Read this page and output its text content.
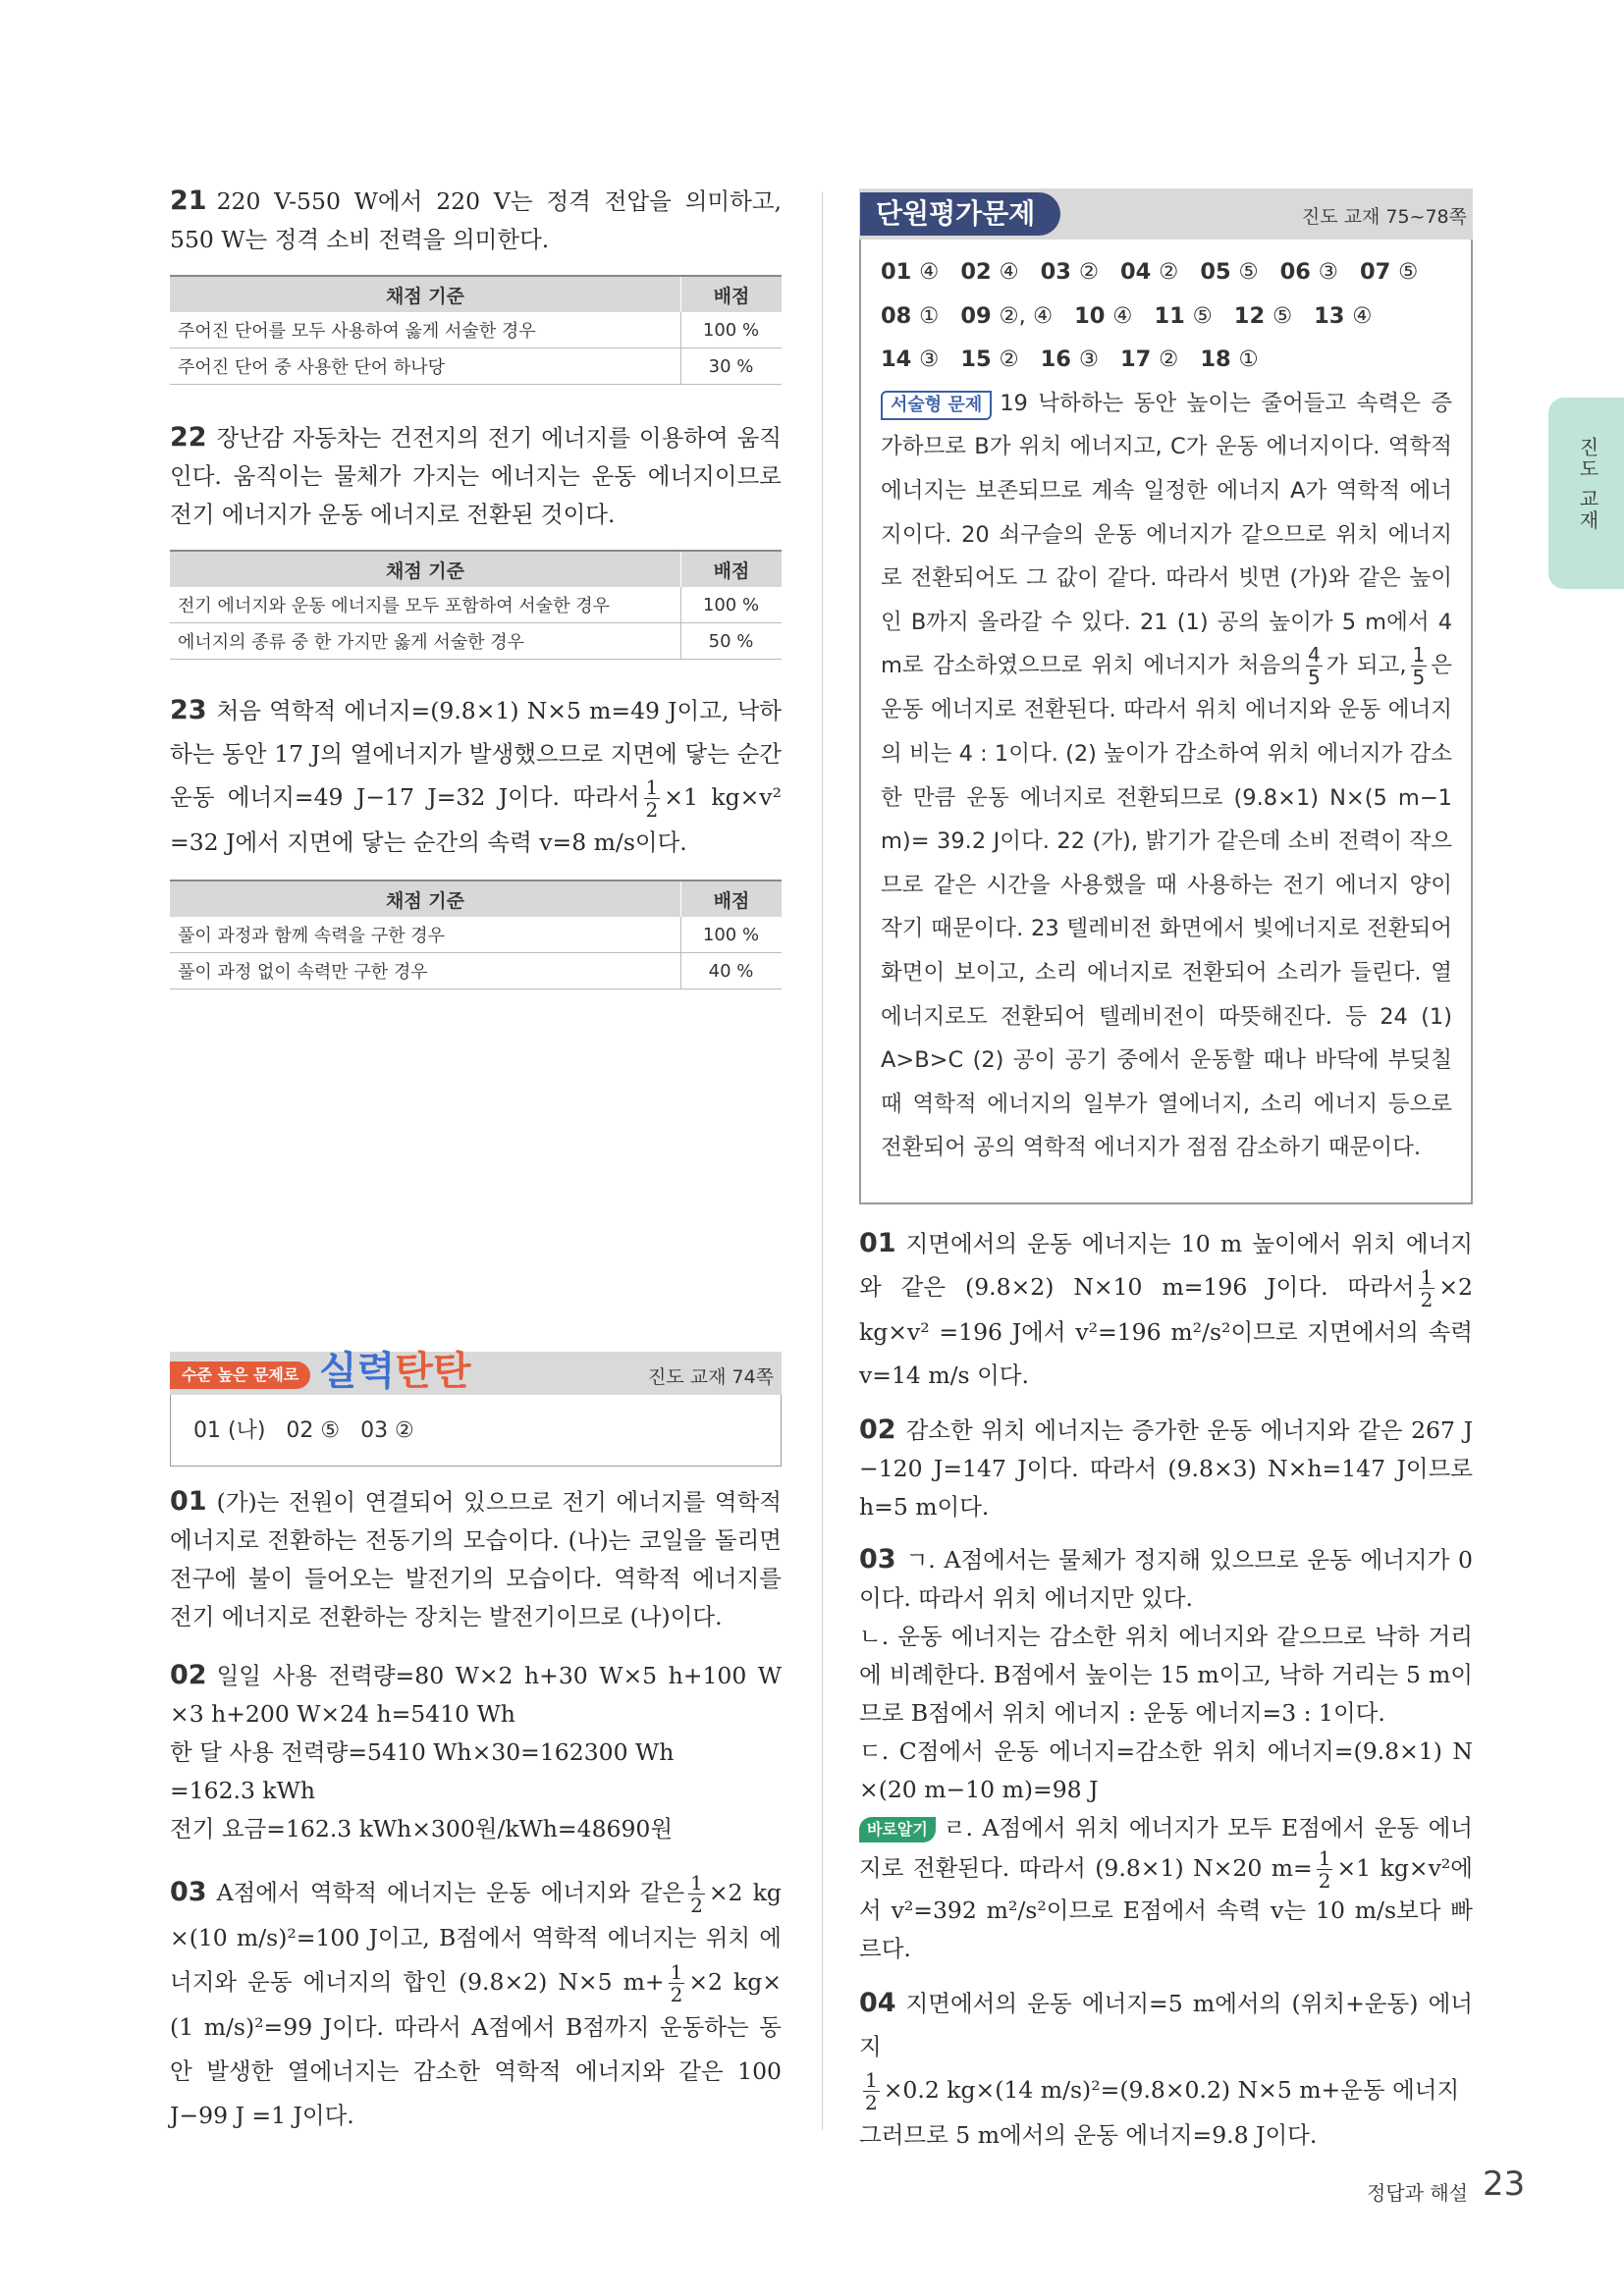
진도 교재

21 220 V-550 W에서 220 V는 정격 전압을 의미하고, 550 W는 정격 소비 전력을 의미한다.

채점 기준	배점
주어진 단어를 모두 사용하여 옳게 서술한 경우	100 %
주어진 단어 중 사용한 단어 하나당	30 %

22 장난감 자동차는 건전지의 전기 에너지를 이용하여 움직인다. 움직이는 물체가 가지는 에너지는 운동 에너지이므로 전기 에너지가 운동 에너지로 전환된 것이다.

채점 기준	배점
전기 에너지와 운동 에너지를 모두 포함하여 서술한 경우	100 %
에너지의 종류 중 한 가지만 옳게 서술한 경우	50 %

23 처음 역학적 에너지=(9.8×1) N×5 m=49 J이고, 낙하하는 동안 17 J의 열에너지가 발생했으므로 지면에 닿는 순간 운동 에너지=49 J−17 J=32 J이다. 따라서 $\frac{1}{2} \times 1$ kg×v² =32 J에서 지면에 닿는 순간의 속력 v=8 m/s이다.

채점 기준	배점
풀이 과정과 함께 속력을 구한 경우	100 %
풀이 과정 없이 속력만 구한 경우	40 %
수준 높은 문제로 실력탄탄	진도 교재 74쪽
01 (나)   02 ⑤   03 ②

01 (가)는 전원이 연결되어 있으므로 전기 에너지를 역학적 에너지로 전환하는 전동기의 모습이다. (나)는 코일을 돌리면 전구에 불이 들어오는 발전기의 모습이다. 역학적 에너지를 전기 에너지로 전환하는 장치는 발전기이므로 (나)이다.

02 일일 사용 전력량=80 W×2 h+30 W×5 h+100 W ×3 h+200 W×24 h=5410 Wh
한 달 사용 전력량=5410 Wh×30=162300 Wh
=162.3 kWh
전기 요금=162.3 kWh×300원/kWh=48690원

03 A점에서 역학적 에너지는 운동 에너지와 같은 $\frac{1}{2} \times 2$ kg ×(10 m/s)²=100 J이고, B점에서 역학적 에너지는 위치 에너지와 운동 에너지의 합인 (9.8×2) N×5 $m+ \frac{1}{2} \times 2$ kg× (1 m/s)²=99 J이다. 따라서 A점에서 B점까지 운동하는 동안 발생한 열에너지는 감소한 역학적 에너지와 같은 100 J−99 J =1 J이다.

단원평가문제	진도 교재 75~78쪽
01 ④ 02 ④ 03 ② 04 ② 05 ⑤ 06 ③ 07 ⑤08 ① 09 ②, ④ 10 ④ 11 ⑤ 12 ⑤ 13 ④14 ③ 15 ② 16 ③ 17 ② 18 ①
서술형 문제 19 낙하하는 동안 높이는 줄어들고 속력은 증가하므로 B가 위치 에너지고, C가 운동 에너지이다. 역학적 에너지는 보존되므로 계속 일정한 에너지 A가 역학적 에너지이다. 20 쇠구슬의 운동 에너지가 같으므로 위치 에너지로 전환되어도 그 값이 같다. 따라서 빗면 (가)와 같은 높이인 B까지 올라갈 수 있다. 21 (1) 공의 높이가 5 m에서 4 m로 감소하였으므로 위치 에너지가 처음의 $\frac{4}{5}$ 가 되고, $\frac{1}{5}$ 은 운동 에너지로 전환된다. 따라서 위치 에너지와 운동 에너지의 비는 4 : 1이다. (2) 높이가 감소하여 위치 에너지가 감소한 만큼 운동 에너지로 전환되므로 (9.8×1) N×(5 m−1 m)= 39.2 J이다. 22 (가), 밝기가 같은데 소비 전력이 작으므로 같은 시간을 사용했을 때 사용하는 전기 에너지 양이 작기 때문이다. 23 텔레비전 화면에서 빛에너지로 전환되어 화면이 보이고, 소리 에너지로 전환되어 소리가 들린다. 열에너지로도 전환되어 텔레비전이 따뜻해진다. 등 24 (1) A>B>C (2) 공이 공기 중에서 운동할 때나 바닥에 부딪칠 때 역학적 에너지의 일부가 열에너지, 소리 에너지 등으로 전환되어 공의 역학적 에너지가 점점 감소하기 때문이다.

01 지면에서의 운동 에너지는 10 m 높이에서 위치 에너지와 같은 (9.8×2) N×10 m=196 J이다. 따라서 $\frac{1}{2} \times 2$ kg×v² =196 J에서 v²=196 m²/s²이므로 지면에서의 속력 v=14 m/s 이다.

02 감소한 위치 에너지는 증가한 운동 에너지와 같은 267 J −120 J=147 J이다. 따라서 (9.8×3) N×h=147 J이므로 h=5 m이다.

03 ㄱ. A점에서는 물체가 정지해 있으므로 운동 에너지가 0이다. 따라서 위치 에너지만 있다.
ㄴ. 운동 에너지는 감소한 위치 에너지와 같으므로 낙하 거리에 비례한다. B점에서 높이는 15 m이고, 낙하 거리는 5 m이므로 B점에서 위치 에너지 : 운동 에너지=3 : 1이다.
ㄷ. C점에서 운동 에너지=감소한 위치 에너지=(9.8×1) N ×(20 m−10 m)=98 J
바로알기 ㄹ. A점에서 위치 에너지가 모두 E점에서 운동 에너지로 전환된다. 따라서 (9.8×1) N×20 $m= \frac{1}{2} \times 1$ kg×v²에서 v²=392 m²/s²이므로 E점에서 속력 v는 10 m/s보다 빠르다.

04 지면에서의 운동 에너지=5 m에서의 (위치+운동) 에너지

$\frac{1}{2} \times 0.2$ kg×(14 m/s)²=(9.8×0.2) N×5 m+운동 에너지
그러므로 5 m에서의 운동 에너지=9.8 J이다.

정답과 해설 23
